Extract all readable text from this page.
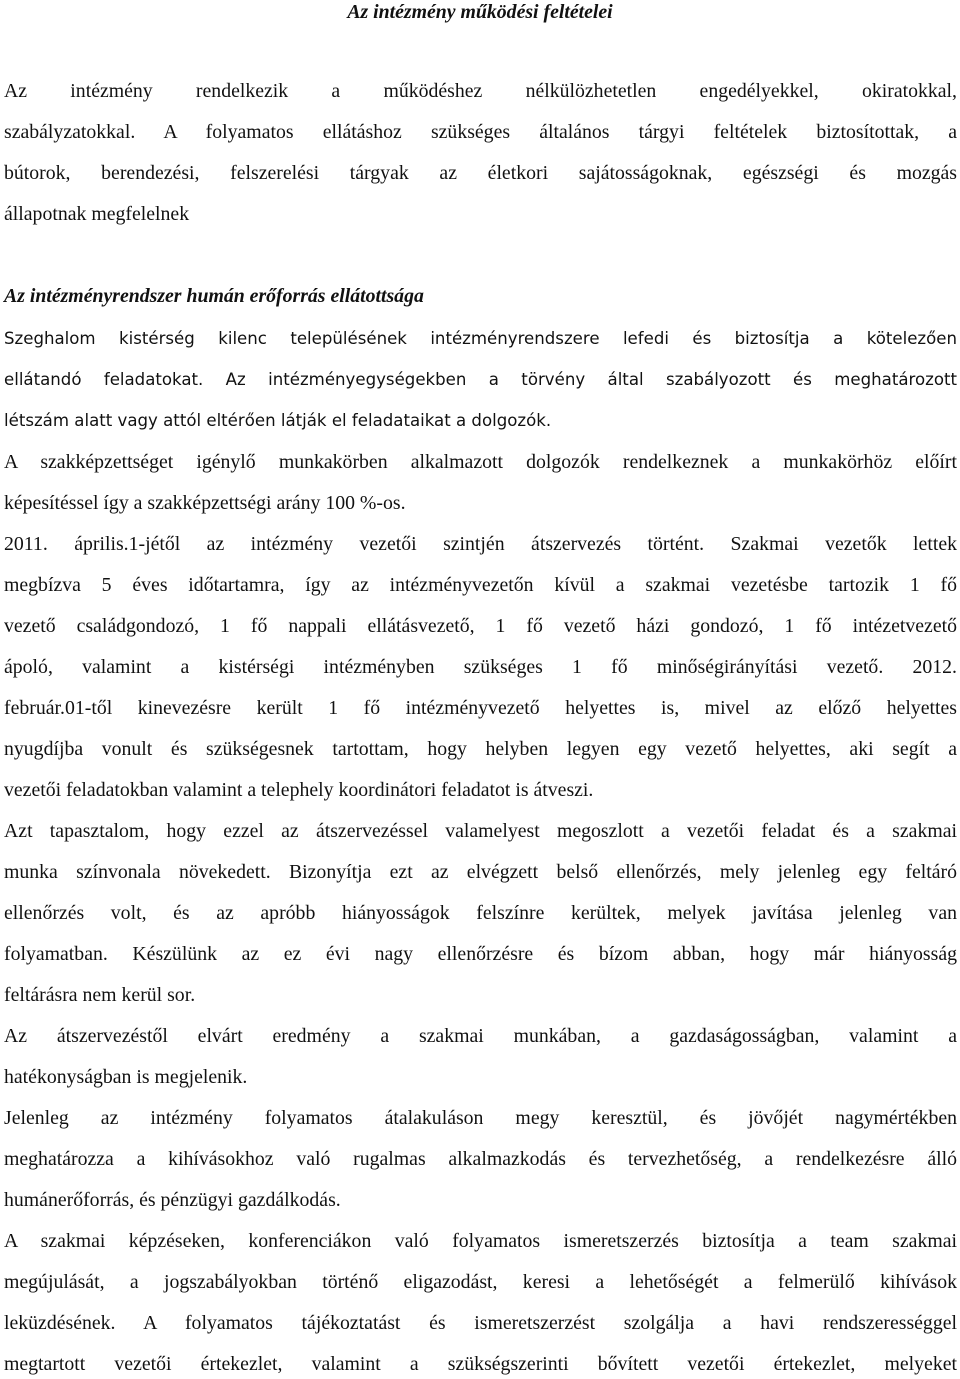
Az intézmény működési feltételei
Az intézmény rendelkezik a működéshez nélkülözhetetlen engedélyekkel, okiratokkal,
szabályzatokkal. A folyamatos ellátáshoz szükséges általános tárgyi feltételek biztosítottak, a
bútorok, berendezési, felszerelési tárgyak az életkori sajátosságoknak, egészségi és mozgás
állapotnak megfelelnek
Az intézményrendszer humán erőforrás ellátottsága
Szeghalom kistérség kilenc településének intézményrendszere lefedi és biztosítja a kötelezően
ellátandó feladatokat. Az intézményegységekben a törvény által szabályozott és meghatározott
létszám alatt vagy attól eltérően látják el feladataikat a dolgozók.
A szakképzettséget igénylő munkakörben alkalmazott dolgozók rendelkeznek a munkakörhöz előírt
képesítéssel így a szakképzettségi arány 100 %-os.
2011. április.1-jétől az intézmény vezetői szintjén átszervezés történt. Szakmai vezetők lettek
megbízva 5 éves időtartamra, így az intézményvezetőn kívül a szakmai vezetésbe tartozik 1 fő
vezető családgondozó, 1 fő nappali ellátásvezető, 1 fő vezető házi gondozó, 1 fő intézetvezető
ápoló, valamint a kistérségi intézményben szükséges 1 fő minőségirányítási vezető. 2012.
február.01-től kinevezésre került 1 fő intézményvezető helyettes is, mivel az előző helyettes
nyugdíjba vonult és szükségesnek tartottam, hogy helyben legyen egy vezető helyettes, aki segít a
vezetői feladatokban valamint a telephely koordinátori feladatot is átveszi.
Azt tapasztalom, hogy ezzel az átszervezéssel valamelyest megoszlott a vezetői feladat és a szakmai
munka színvonala növekedett. Bizonyítja ezt az elvégzett belső ellenőrzés, mely jelenleg egy feltáró
ellenőrzés volt, és az apróbb hiányosságok felszínre kerültek, melyek javítása jelenleg van
folyamatban. Készülünk az ez évi nagy ellenőrzésre és bízom abban, hogy már hiányosság
feltárásra nem kerül sor.
Az átszervezéstől elvárt eredmény a szakmai munkában, a gazdaságosságban, valamint a
hatékonyságban is megjelenik.
Jelenleg az intézmény folyamatos átalakuláson megy keresztül, és jövőjét nagymértékben
meghatározza a kihívásokhoz való rugalmas alkalmazkodás és tervezhetőség, a rendelkezésre álló
humánerőforrás, és pénzügyi gazdálkodás.
A szakmai képzéseken, konferenciákon való folyamatos ismeretszerzés biztosítja a team szakmai
megújulását, a jogszabályokban történő eligazodást, keresi a lehetőségét a felmerülő kihívások
leküzdésének. A folyamatos tájékoztatást és ismeretszerzést szolgálja a havi rendszerességgel
megtartott vezetői értekezlet, valamint a szükségszerinti bővített vezetői értekezlet, melyeket
